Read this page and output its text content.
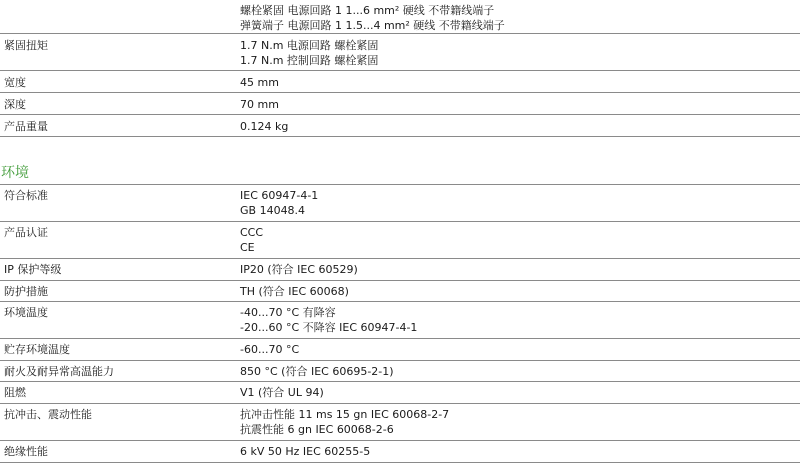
螺栓紧固 电源回路 1 1...6 mm² 硬线 不带籍线端子
弹簧端子 电源回路 1 1.5...4 mm² 硬线 不带籍线端子
紧固扭矩	1.7 N.m 电源回路 螺栓紧固
1.7 N.m 控制回路 螺栓紧固
宽度	45 mm
深度	70 mm
产品重量	0.124 kg
环境
符合标准	IEC 60947-4-1
GB 14048.4
产品认证	CCC
CE
IP 保护等级	IP20 (符合 IEC 60529)
防护措施	TH (符合 IEC 60068)
环境温度	-40...70 °C 有降容
-20...60 °C 不降容 IEC 60947-4-1
贮存环境温度	-60...70 °C
耐火及耐异常高温能力	850 °C (符合 IEC 60695-2-1)
阻燃	V1 (符合 UL 94)
抗冲击、震动性能	抗冲击性能 11 ms 15 gn IEC 60068-2-7
抗震性能 6 gn IEC 60068-2-6
绝缘性能	6 kV 50 Hz IEC 60255-5
